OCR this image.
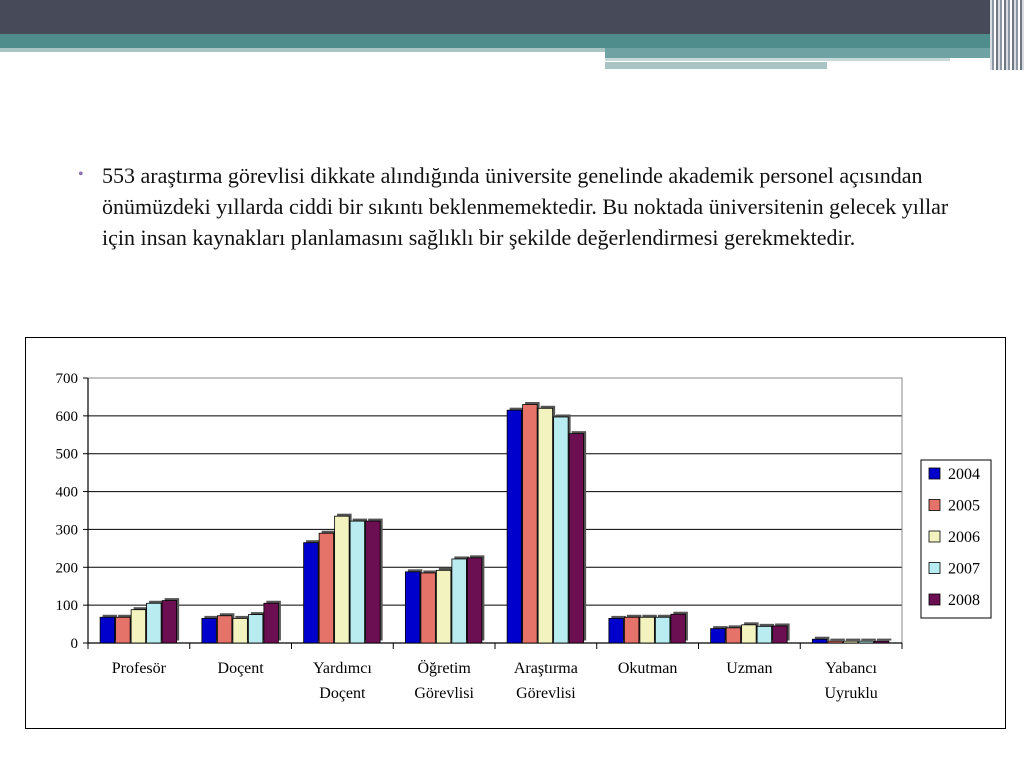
• 553 araştırma görevlisi dikkate alındığında üniversite genelinde akademik personel açısından önümüzdeki yıllarda ciddi bir sıkıntı beklenmemektedir. Bu noktada üniversitenin gelecek yıllar için insan kaynakları planlamasını sağlıklı bir şekilde değerlendirmesi gerekmektedir.
0
100
200
300
400
500
600
700
Profesör	Doçent	Yardımcı
Doçent
Öğretim
Görevlisi
Araştırma
Görevlisi
Okutman	Uzman	Yabancı
Uyruklu
2004
2005
2006
2007
2008
